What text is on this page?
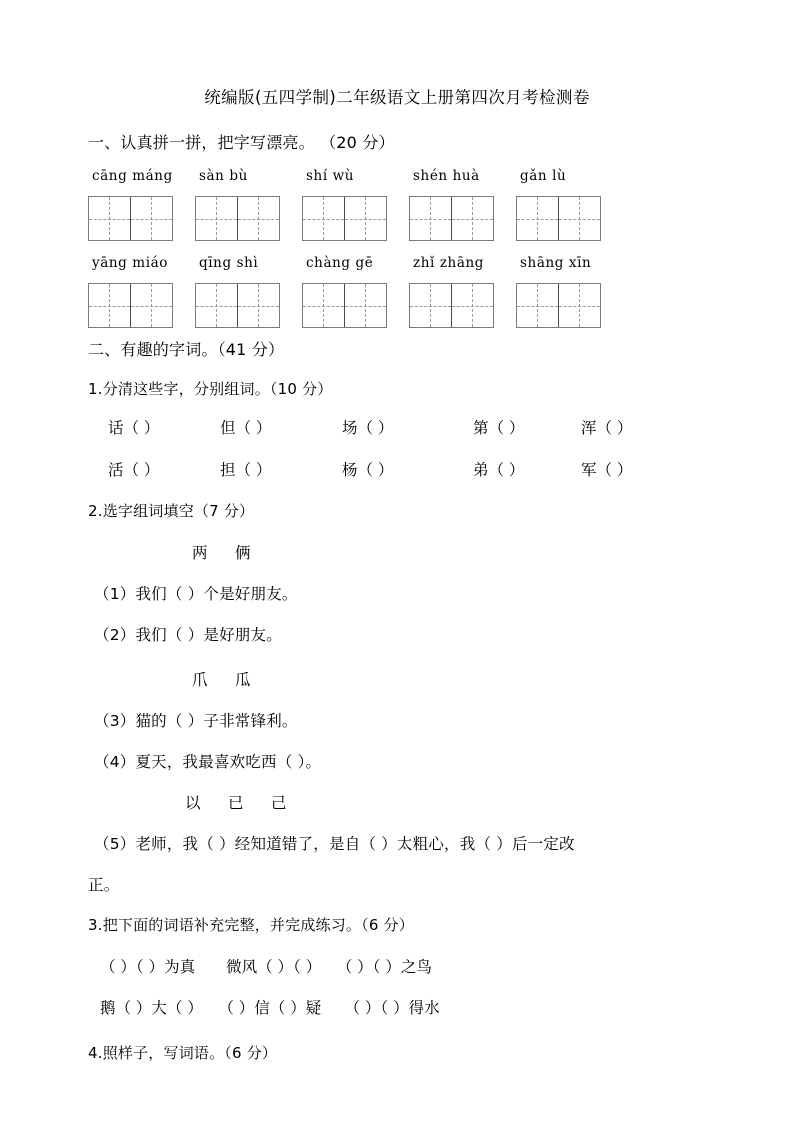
统编版(五四学制)二年级语文上册第四次月考检测卷
一、认真拼一拼，把字写漂亮。 （20 分）
cāng máng	sàn bù	shí wù	shén huà	gǎn lù
yāng miáo	qīng shì	chàng gē	zhǐ zhāng	shāng xīn
二、有趣的字词。（41 分）
1.分清这些字，分别组词。（10 分）
话（ ）	但（ ）	场（ ）	第（ ）	浑（ ）
活（ ）	担（ ）	杨（ ）	弟（ ）	军（ ）
2.选字组词填空（7 分）
两　俩
（1）我们（ ）个是好朋友。
（2）我们（ ）是好朋友。
爪　瓜
（3）猫的（ ）子非常锋利。
（4）夏天，我最喜欢吃西（ ）。
以　已　己
（5）老师，我（ ）经知道错了，是自（ ）太粗心，我（ ）后一定改
正。
3.把下面的词语补充完整，并完成练习。（6 分）
（ ）（ ）为真　　微风（ ）（ ）　　（ ）（ ）之鸟
鹅（ ）大（ ）　　（ ）信（ ）疑　　（ ）（ ）得水
4.照样子，写词语。（6 分）
